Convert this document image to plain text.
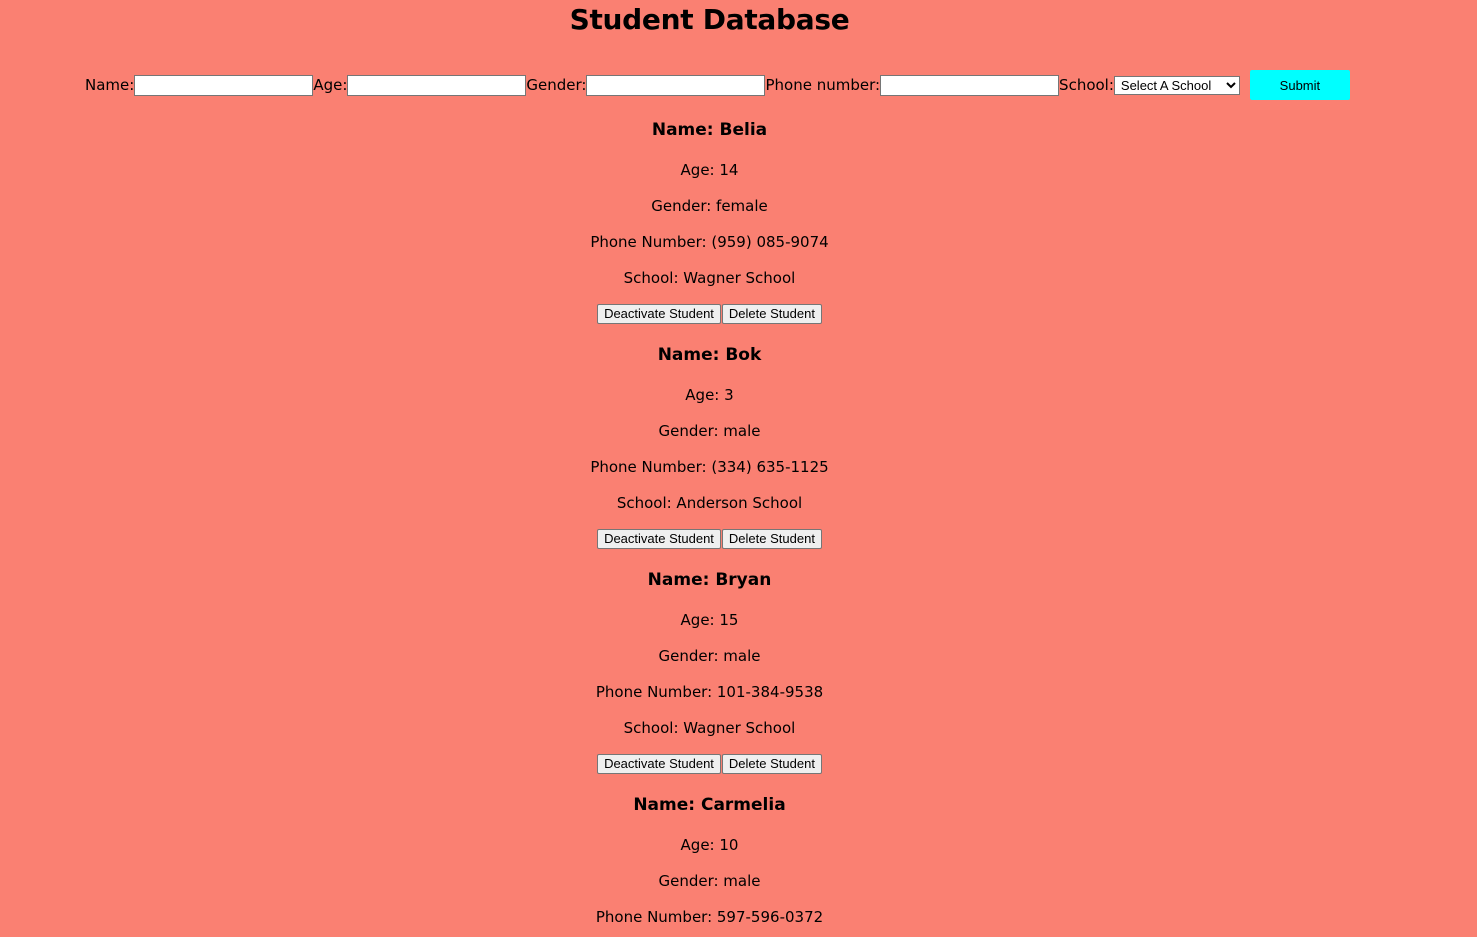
Student Database
Name:	Age:	Gender:	Phone number:	School:
Select A School	Submit
Name: Belia
Age: 14
Gender: female
Phone Number: (959) 085-9074
School: Wagner School
Deactivate Student	Delete Student
Name: Bok
Age: 3
Gender: male
Phone Number: (334) 635-1125
School: Anderson School
Deactivate Student	Delete Student
Name: Bryan
Age: 15
Gender: male
Phone Number: 101-384-9538
School: Wagner School
Deactivate Student	Delete Student
Name: Carmelia
Age: 10
Gender: male
Phone Number: 597-596-0372
